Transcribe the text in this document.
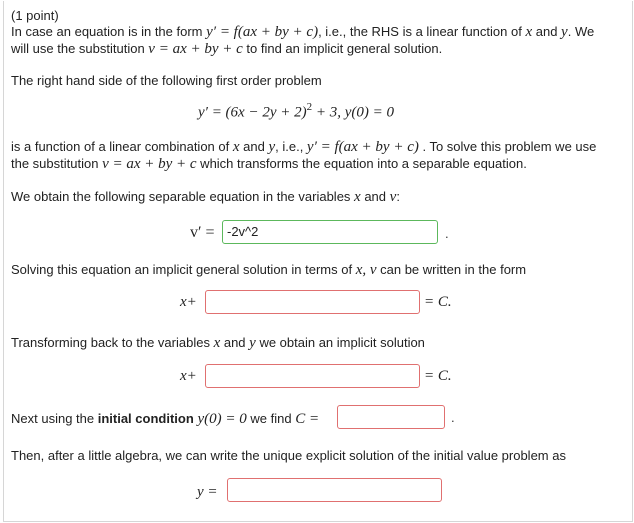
(1 point)
In case an equation is in the form y′ = f(ax + by + c), i.e., the RHS is a linear function of x and y. We
will use the substitution v = ax + by + c to find an implicit general solution.
The right hand side of the following first order problem
$y' = (6x - 2y + 2)^2 + 3$, y(0) = 0
is a function of a linear combination of x and y, i.e., y′ = f(ax + by + c) . To solve this problem we use
the substitution v = ax + by + c which transforms the equation into a separable equation.
We obtain the following separable equation in the variables x and v:
v′ = -2v^2	.
Solving this equation an implicit general solution in terms of x, v can be written in the form
x+	= C.
Transforming back to the variables x and y we obtain an implicit solution
x+	= C.
Next using the initial condition y(0) = 0 we find C =	.
Then, after a little algebra, we can write the unique explicit solution of the initial value problem as
y =
